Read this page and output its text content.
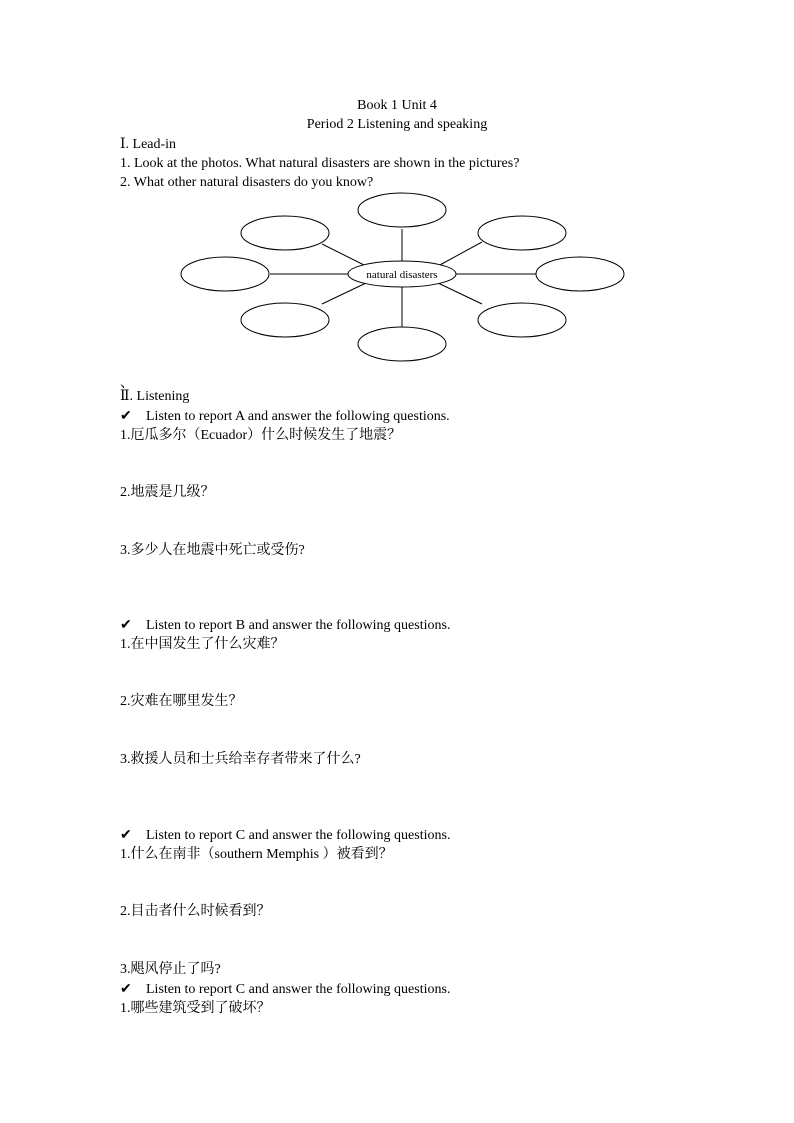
Book 1 Unit 4
Period 2 Listening and speaking
Ⅰ. Lead-in
1. Look at the photos. What natural disasters are shown in the pictures?
2. What other natural disasters do you know?
natural disasters
、
Ⅱ. Listening
✔ Listen to report A and answer the following questions.
1.厄瓜多尔（Ecuador）什么时候发生了地震？
2.地震是几级？
3.多少人在地震中死亡或受伤?
✔ Listen to report B and answer the following questions.
1.在中国发生了什么灾难？
2.灾难在哪里发生？
3.救援人员和士兵给幸存者带来了什么?
✔ Listen to report C and answer the following questions.
1.什么在南非（southern Memphis ）被看到？
2.目击者什么时候看到？
3.飓风停止了吗?
✔ Listen to report C and answer the following questions.
1.哪些建筑受到了破坏？
